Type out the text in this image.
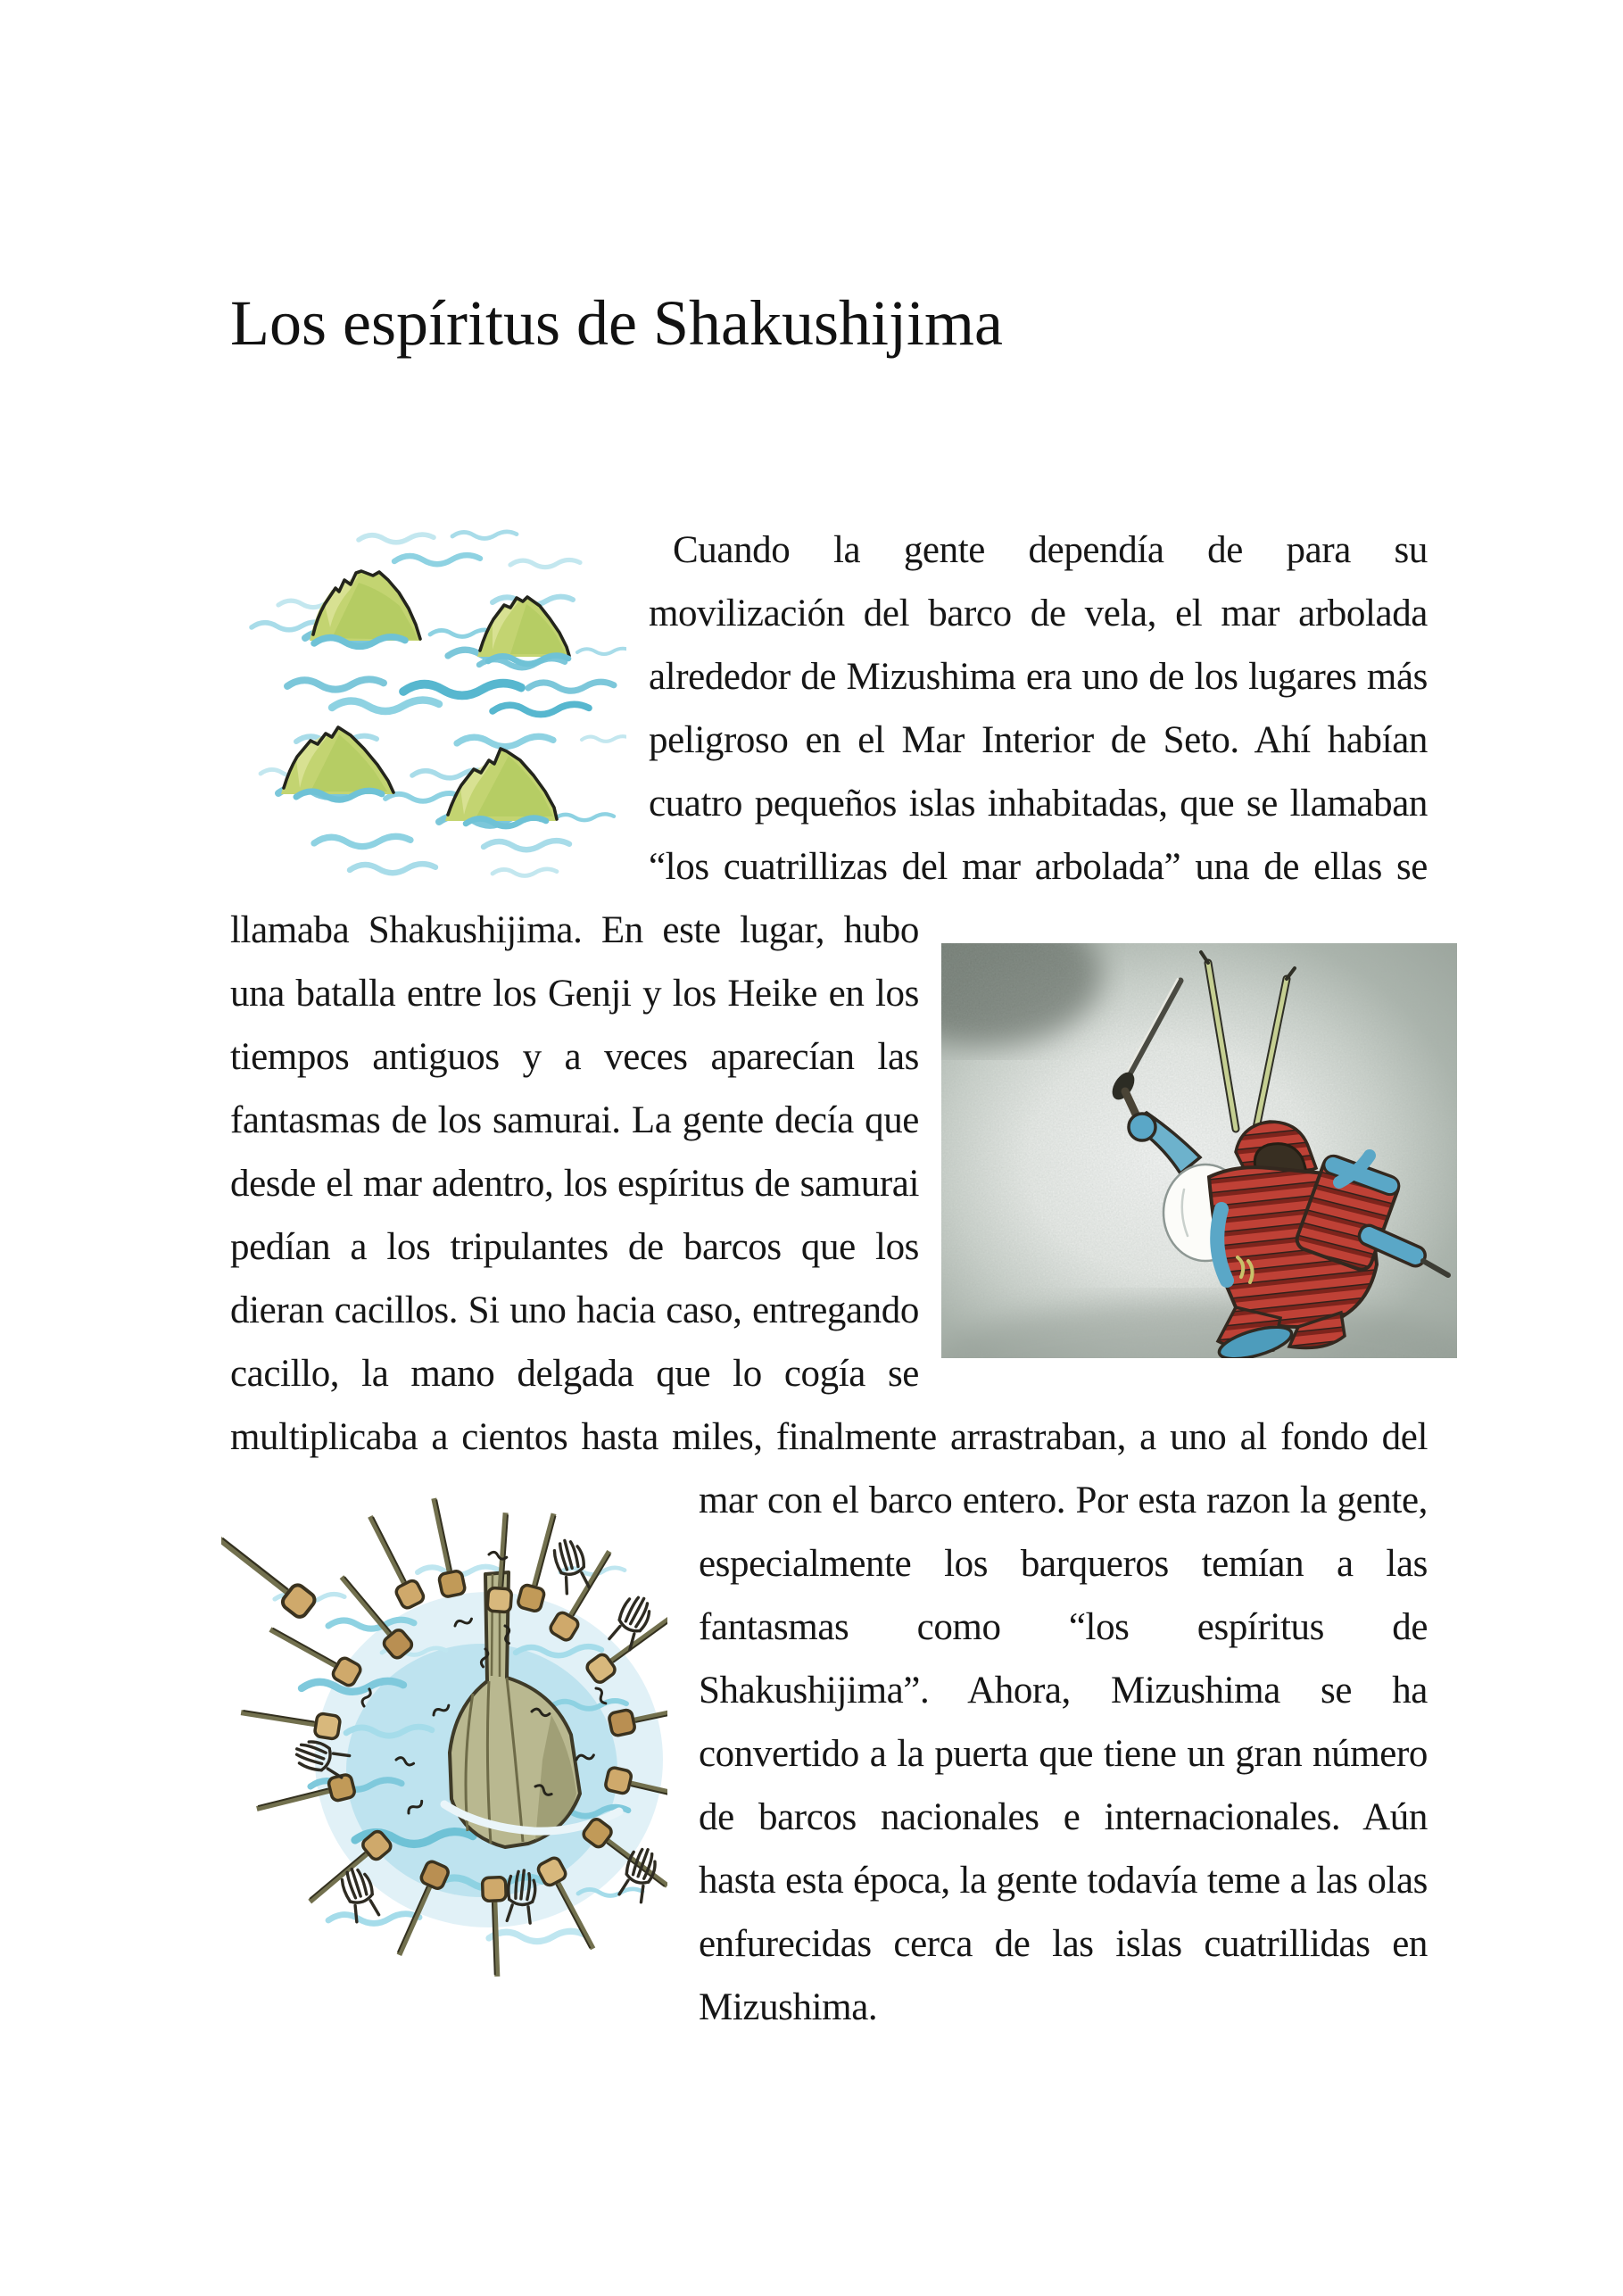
Los espíritus de Shakushijima

Cuando la gente dependía de para su movilización del barco de vela, el mar arbolada alrededor de Mizushima era uno de los lugares más peligroso en el Mar Interior de Seto. Ahí habían cuatro pequeños islas inhabitadas, que se llamaban “los cuatrillizas del mar arbolada”
una de ellas se llamaba Shakushijima. En este lugar, hubo una batalla entre los Genji y los Heike en los tiempos antiguos y a veces aparecían las fantasmas de los samurai. La gente decía que desde el mar adentro, los espíritus de samurai pedían a los tripulantes de barcos que los dieran cacillos. Si uno hacia caso, entregando cacillo, la mano delgada que lo cogía se multiplicaba a cientos hasta miles, finalmente arrastraban, a uno al fondo del mar con el barco entero. Por esta razon la gente,
especialmente los barqueros temían a las fantasmas como “los espíritus de Shakushijima”. Ahora, Mizushima se ha convertido a la puerta que tiene un gran número de barcos nacionales e internacionales. Aún hasta esta época, la gente todavía teme a las olas enfurecidas cerca de las islas cuatrillidas en Mizushima.
